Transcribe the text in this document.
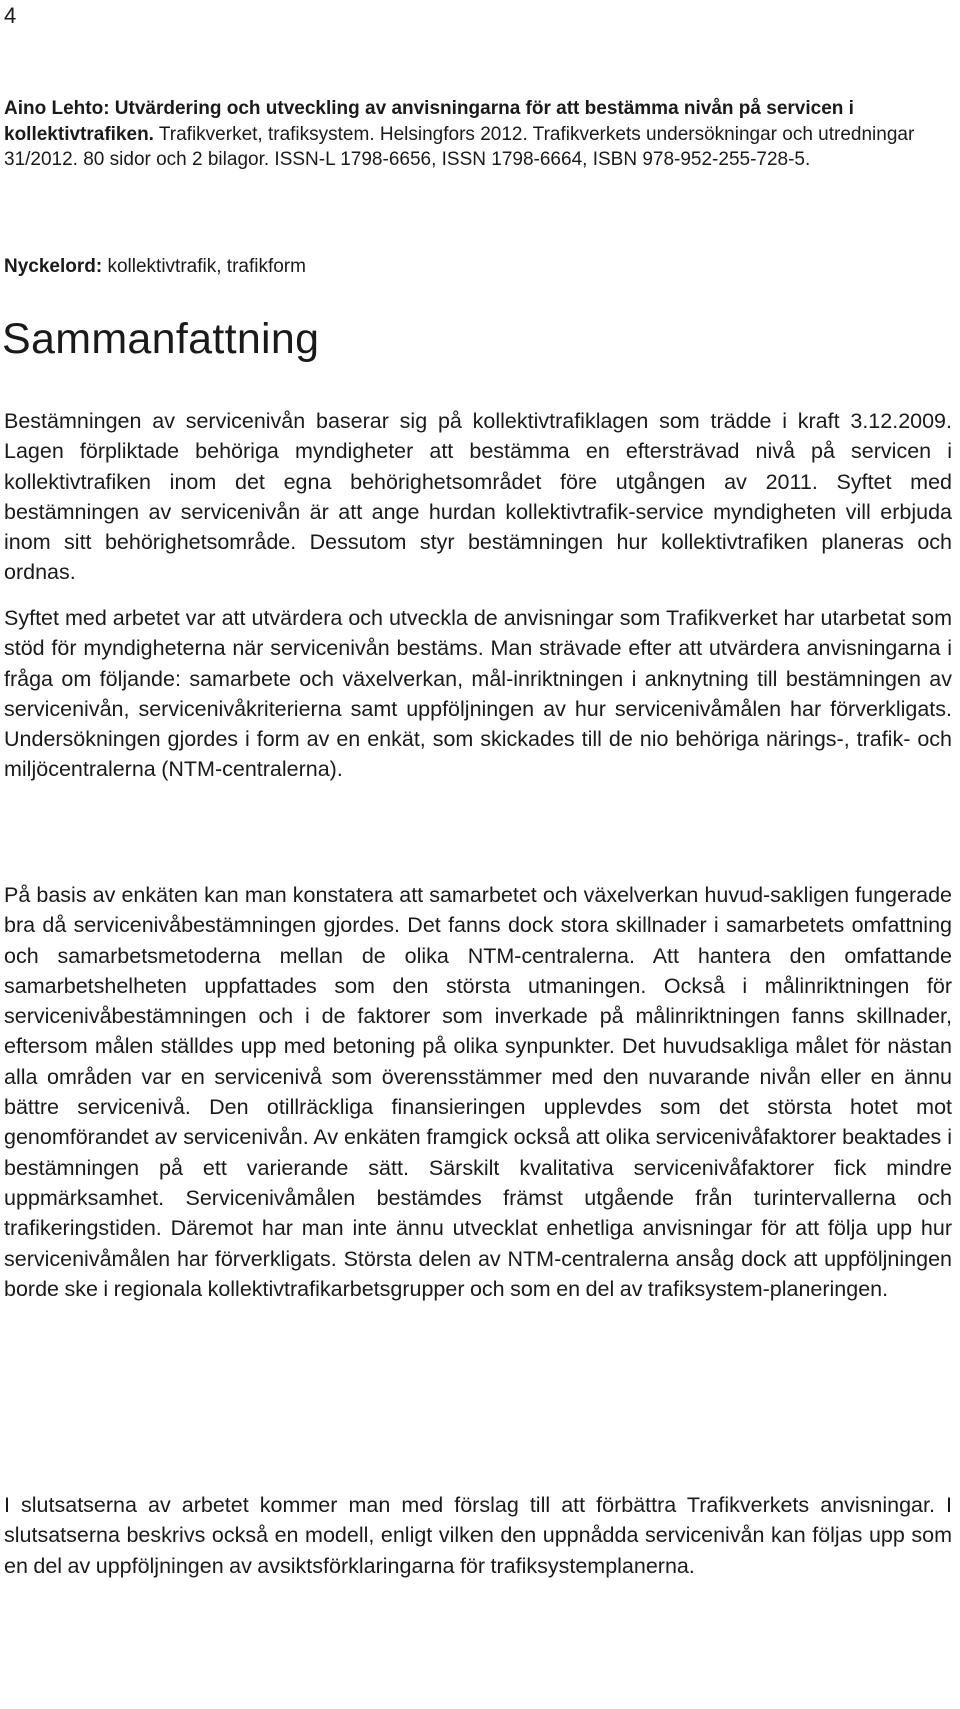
4

Aino Lehto: Utvärdering och utveckling av anvisningarna för att bestämma nivån på servicen i kollektivtrafiken. Trafikverket, trafiksystem. Helsingfors 2012. Trafikverkets undersökningar och utredningar 31/2012. 80 sidor och 2 bilagor. ISSN-L 1798-6656, ISSN 1798-6664, ISBN 978-952-255-728-5.

Nyckelord: kollektivtrafik, trafikform

Sammanfattning

Bestämningen av servicenivån baserar sig på kollektivtrafiklagen som trädde i kraft 3.12.2009. Lagen förpliktade behöriga myndigheter att bestämma en eftersträvad nivå på servicen i kollektivtrafiken inom det egna behörighetsområdet före utgången av 2011. Syftet med bestämningen av servicenivån är att ange hurdan kollektivtrafik-service myndigheten vill erbjuda inom sitt behörighetsområde. Dessutom styr bestämningen hur kollektivtrafiken planeras och ordnas.

Syftet med arbetet var att utvärdera och utveckla de anvisningar som Trafikverket har utarbetat som stöd för myndigheterna när servicenivån bestäms. Man strävade efter att utvärdera anvisningarna i fråga om följande: samarbete och växelverkan, mål-inriktningen i anknytning till bestämningen av servicenivån, servicenivåkriterierna samt uppföljningen av hur servicenivåmålen har förverkligats. Undersökningen gjordes i form av en enkät, som skickades till de nio behöriga närings-, trafik- och miljöcentralerna (NTM-centralerna).

På basis av enkäten kan man konstatera att samarbetet och växelverkan huvud-sakligen fungerade bra då servicenivåbestämningen gjordes. Det fanns dock stora skillnader i samarbetets omfattning och samarbetsmetoderna mellan de olika NTM-centralerna. Att hantera den omfattande samarbetshelheten uppfattades som den största utmaningen. Också i målinriktningen för servicenivåbestämningen och i de faktorer som inverkade på målinriktningen fanns skillnader, eftersom målen ställdes upp med betoning på olika synpunkter. Det huvudsakliga målet för nästan alla områden var en servicenivå som överensstämmer med den nuvarande nivån eller en ännu bättre servicenivå. Den otillräckliga finansieringen upplevdes som det största hotet mot genomförandet av servicenivån. Av enkäten framgick också att olika servicenivåfaktorer beaktades i bestämningen på ett varierande sätt. Särskilt kvalitativa servicenivåfaktorer fick mindre uppmärksamhet. Servicenivåmålen bestämdes främst utgående från turintervallerna och trafikeringstiden. Däremot har man inte ännu utvecklat enhetliga anvisningar för att följa upp hur servicenivåmålen har förverkligats. Största delen av NTM-centralerna ansåg dock att uppföljningen borde ske i regionala kollektivtrafikarbetsgrupper och som en del av trafiksystem-planeringen.

I slutsatserna av arbetet kommer man med förslag till att förbättra Trafikverkets anvisningar. I slutsatserna beskrivs också en modell, enligt vilken den uppnådda servicenivån kan följas upp som en del av uppföljningen av avsiktsförklaringarna för trafiksystemplanerna.
